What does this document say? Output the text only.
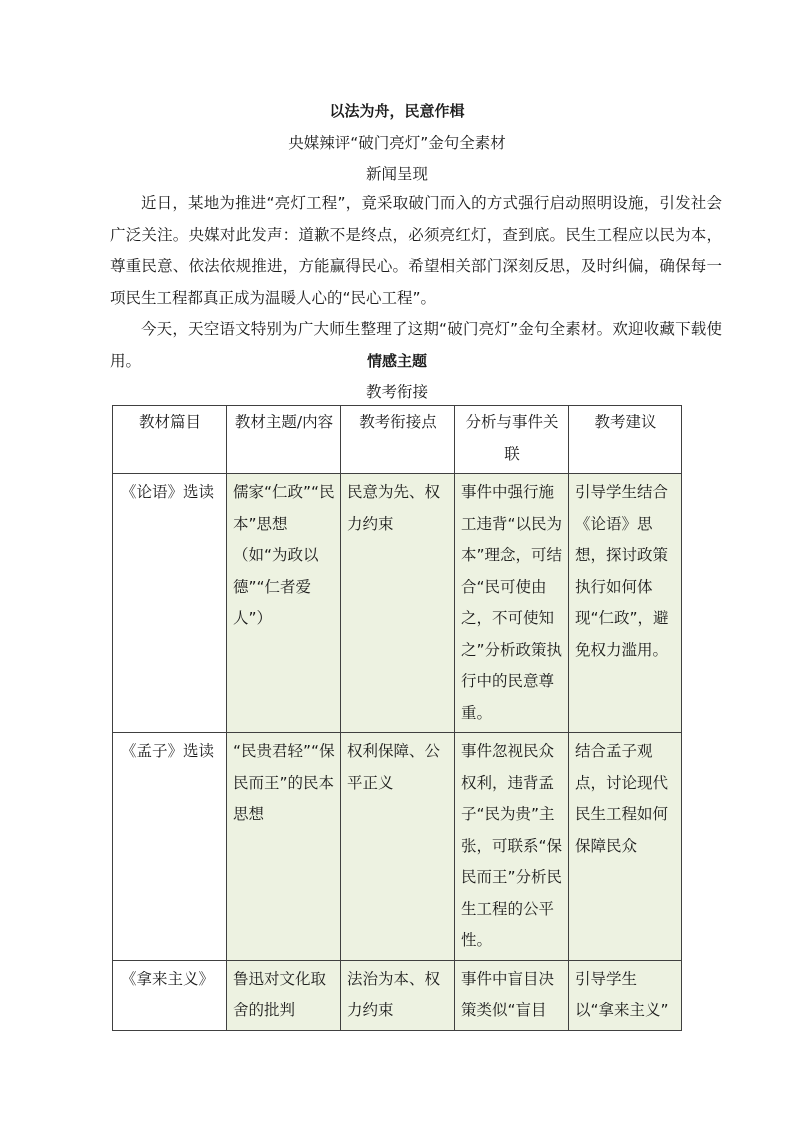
以法为舟，民意作楫
央媒辣评“破门亮灯”金句全素材
新闻呈现

近日，某地为推进“亮灯工程”，竟采取破门而入的方式强行启动照明设施，引发社会广泛关注。央媒对此发声：道歉不是终点，必须亮红灯，查到底。民生工程应以民为本，尊重民意、依法依规推进，方能赢得民心。希望相关部门深刻反思，及时纠偏，确保每一项民生工程都真正成为温暖人心的“民心工程”。

今天，天空语文特别为广大师生整理了这期“破门亮灯”金句全素材。欢迎收藏下载使用。	情感主题
教考衔接
教材篇目	教材主题/内容	教考衔接点	分析与事件关联	教考建议
《论语》选读	儒家“仁政”“民本”思想（如“为政以德”“仁者爱人”）	民意为先、权力约束	事件中强行施工违背“以民为本”理念，可结合“民可使由之，不可使知之”分析政策执行中的民意尊重。	引导学生结合《论语》思想，探讨政策执行如何体现“仁政”，避免权力滥用。
《孟子》选读	“民贵君轻”“保民而王”的民本思想	权利保障、公平正义	事件忽视民众权利，违背孟子“民为贵”主张，可联系“保民而王”分析民生工程的公平性。	结合孟子观点，讨论现代民生工程如何保障民众
《拿来主义》	鲁迅对文化取舍的批判	法治为本、权力约束	事件中盲目决策类似“盲目	引导学生以“拿来主义”
